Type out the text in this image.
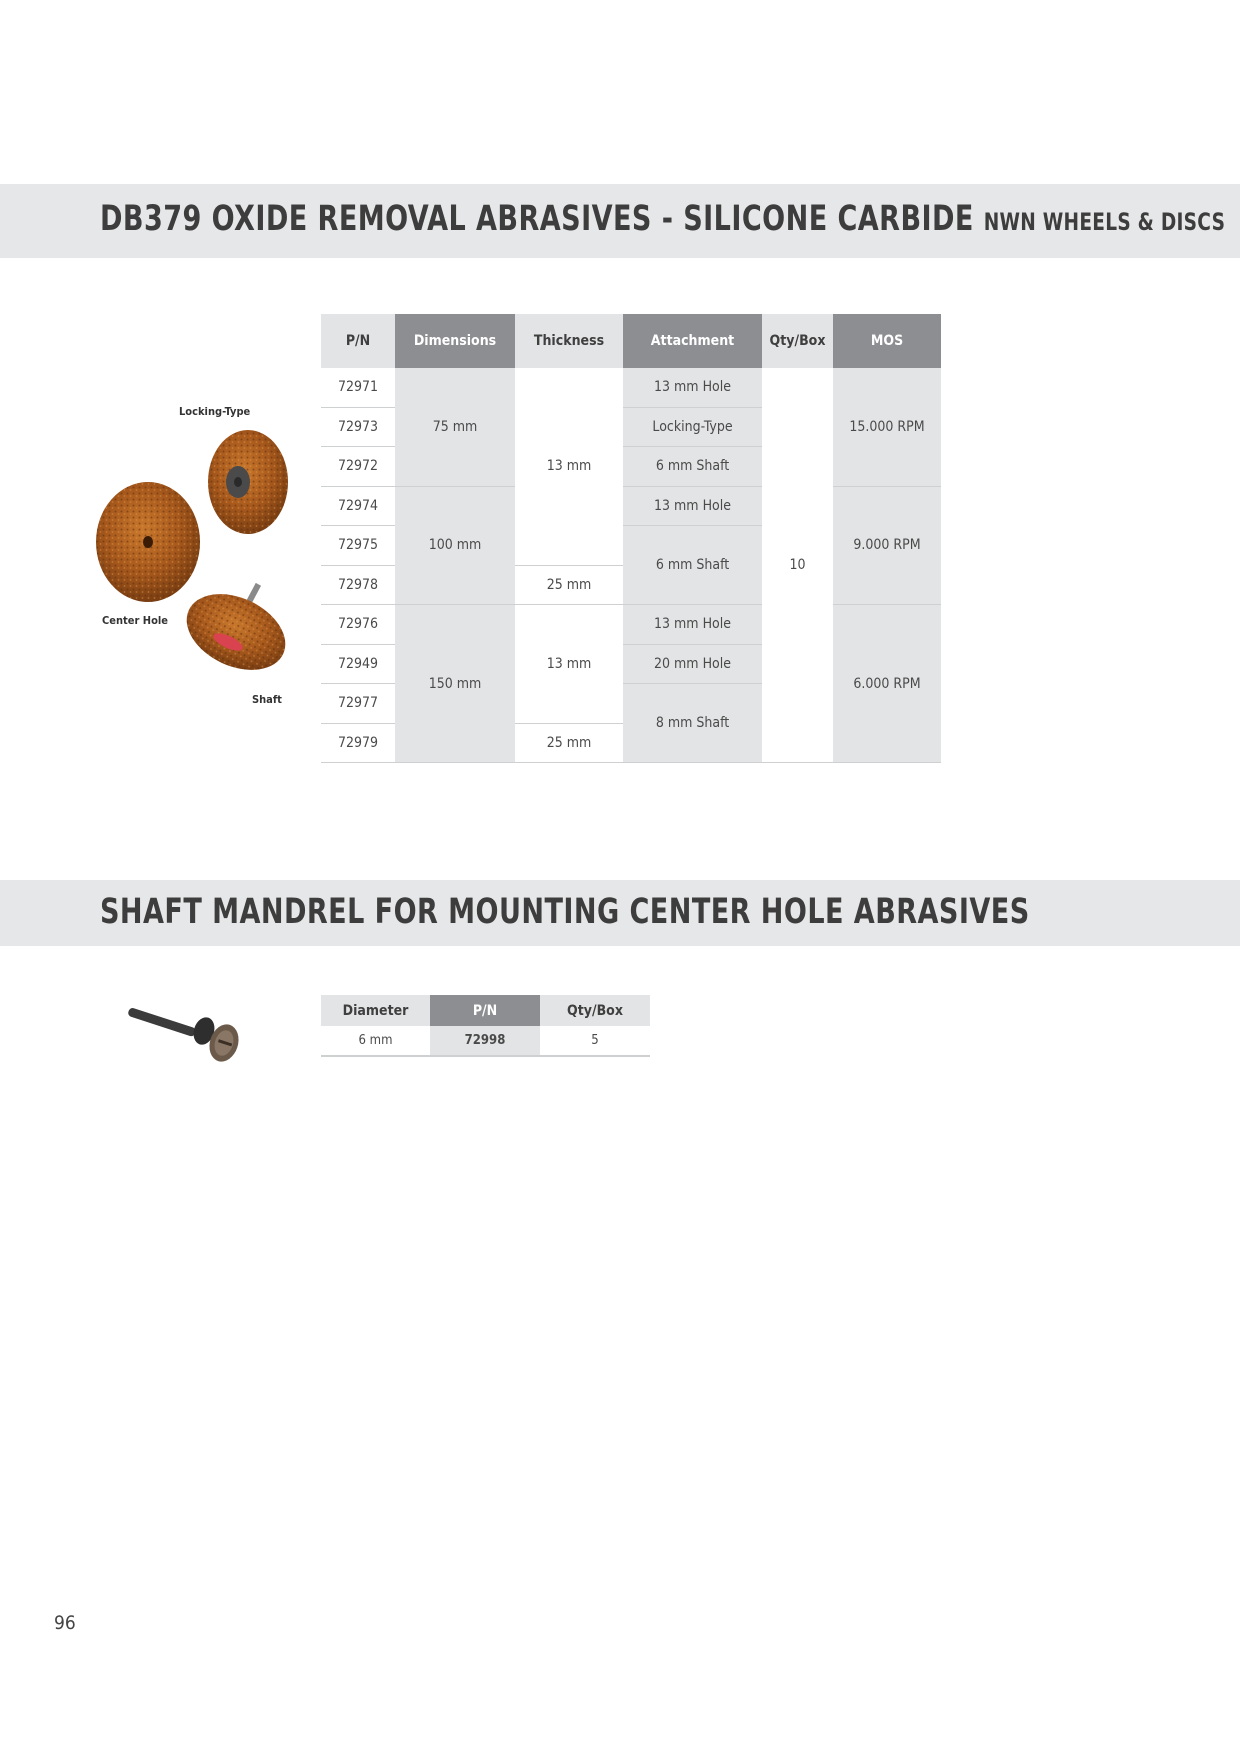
DB379 OXIDE REMOVAL ABRASIVES - SILICONE CARBIDE NWN WHEELS & DISCS
Locking-Type
Center Hole
Shaft
P/N	Dimensions	Thickness	Attachment	Qty/Box	MOS
72971	75 mm	13 mm	13 mm Hole	10	15.000 RPM
72973			Locking-Type		
72972			6 mm Shaft		
72974	100 mm		13 mm Hole		9.000 RPM
72975			6 mm Shaft		
72978		25 mm			
72976	150 mm	13 mm	13 mm Hole		6.000 RPM
72949			20 mm Hole		
72977			8 mm Shaft		
72979		25 mm			
SHAFT MANDREL FOR MOUNTING CENTER HOLE ABRASIVES
Diameter	P/N	Qty/Box
6 mm	72998	5
96
